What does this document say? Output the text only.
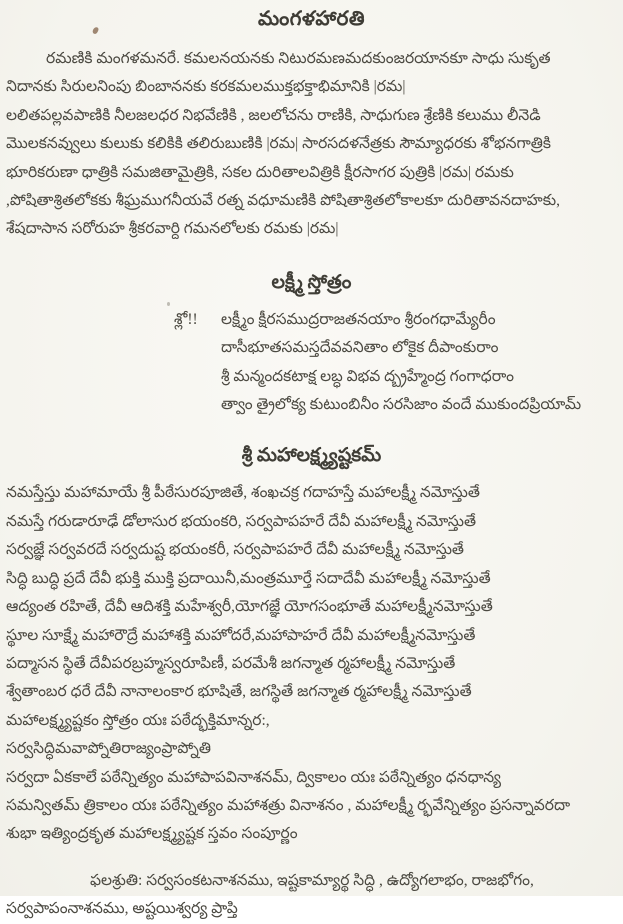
మంగళహారతి
రమణికి మంగళమనరే. కమలనయనకు నిటురమణమదకుంజరయానకూ సాధు సుకృత
నిదానకు సిరులనింపు బింబాననకు కరకమలముక్తభక్తాభిమానికి |రమ|
లలితపల్లవపాణికి నీలజలధర నిభవేణికి , జలలోచను రాణికి, సాధుగుణ శ్రేణికి కలుము లీనెడి
మొలకనవ్వులు కులుకు కలికికి తలిరుబుణికి |రమ| సారసదళనేత్రకు సౌమ్యాధరకు శోభనగాత్రికి
భూరికరుణా ధాత్రికి సమజితామైత్రికి, సకల దురితాలవిత్రికి క్షీరసాగర పుత్రికి |రమ| రమకు
,పోషితాశ్రితలోకకు శీఘ్రముగనీయవే రత్న వధూమణికి పోషితాశ్రితలోకాలకూ దురితావనదాహకు,
శేషదాసాన సరోరుహ శ్రీకరవార్ది గమనలోలకు రమకు |రమ|
లక్ష్మీ స్తోత్రం
శ్లో!! లక్ష్మీం క్షీరసముద్రరాజతనయాం శ్రీరంగధామ్యేరీం
దాసీభూతసమస్తదేవవనితాం లోకైక దీపాంకురాం
శ్రీ మన్మందకటాక్ష లబ్ధ విభవ ద్బ్రహ్మేంద్ర గంగాధరాం
త్వాం త్రైలోక్య కుటుంబినీం సరసిజాం వందే ముకుందప్రియామ్
శ్రీ మహాలక్ష్మ్యష్టకమ్
నమస్తేస్తు మహామాయే శ్రీ పీఠేసురపూజితే, శంఖచక్ర గదాహస్తే మహాలక్ష్మీ నమోస్తుతే
నమస్తే గరుడారూఢే డోలాసుర భయంకరి, సర్వపాపహరే దేవీ మహాలక్ష్మీ నమోస్తుతే
సర్వజ్ఞే సర్వవరదే సర్వదుష్ట భయంకరీ, సర్వపాపహరే దేవీ మహాలక్ష్మీ నమోస్తుతే
సిద్ధి బుద్ధి ప్రదే దేవీ భుక్తి ముక్తి ప్రదాయినీ,మంత్రమూర్తే సదాదేవీ మహాలక్ష్మీ నమోస్తుతే
ఆద్యంత రహితే, దేవీ ఆదిశక్తి మహేశ్వరీ,యోగజ్ఞే యోగసంభూతే మహాలక్ష్మీనమోస్తుతే
స్థూల సూక్ష్మే మహారౌద్రే మహాశక్తి మహోదరే,మహాపాహరే దేవీ మహాలక్ష్మీనమోస్తుతే
పద్మాసన స్థితే దేవీపరబ్రహ్మస్వరూపిణీ, పరమేశీ జగన్మాత ర్మహాలక్ష్మీ నమోస్తుతే
శ్వేతాంబర ధరే దేవీ నానాలంకార భూషితే, జగస్థితే జగన్మాత ర్మహాలక్ష్మీ నమోస్తుతే
మహాలక్ష్మ్యష్టకం స్తోత్రం యః పఠేద్భక్తిమాన్నర:,
సర్వసిద్ధిమవాప్నోతిరాజ్యంప్రాప్నోతి
సర్వదా ఏకకాలే పఠేన్నిత్యం మహాపాపవినాశనమ్, ద్వికాలం యః పఠేన్నిత్యం ధనధాన్య
సమన్వితమ్ త్రికాలం యః పఠేన్నిత్యం మహాశత్రు వినాశనం , మహాలక్ష్మీ ర్భవేన్నిత్యం ప్రసన్నావరదా
శుభా ఇత్యింద్రకృత మహాలక్ష్మ్యష్టక స్తవం సంపూర్ణం
ఫలశ్రుతి: సర్వసంకటనాశనము, ఇష్టకామ్యార్థ సిద్ధి , ఉద్యోగలాభం, రాజభోగం,
సర్వపాపంనాశనము, అష్టయిశ్వర్య ప్రాప్తి
